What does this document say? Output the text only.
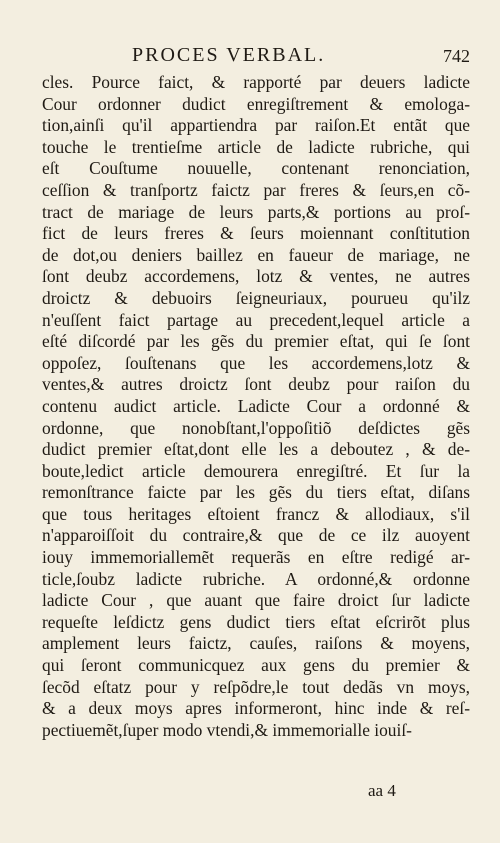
PROCES VERBAL.	742
cles. Pource faict, & rapporté par deuers ladicte
Cour ordonner dudict enregiſtrement & emologa-
tion,ainſi qu'il appartiendra par raiſon.Et entãt que
touche le trentieſme article de ladicte rubriche, qui
eſt Couſtume nouuelle, contenant renonciation,
ceſſion & tranſportz faictz par freres & ſeurs,en cõ-
tract de mariage de leurs parts,& portions au proſ-
fict de leurs freres & ſeurs moiennant conſtitution
de dot,ou deniers baillez en faueur de mariage, ne
ſont deubz accordemens, lotz & ventes, ne autres
droictz & debuoirs ſeigneuriaux, pourueu qu'ilz
n'euſſent faict partage au precedent,lequel article a
eſté diſcordé par les gẽs du premier eſtat, qui ſe ſont
oppoſez, ſouſtenans que les accordemens,lotz &
ventes,& autres droictz ſont deubz pour raiſon du
contenu audict article. Ladicte Cour a ordonné &
ordonne, que nonobſtant,l'oppoſitiõ deſdictes gẽs
dudict premier eſtat,dont elle les a deboutez , & de-
boute,ledict article demourera enregiſtré. Et ſur la
remonſtrance faicte par les gẽs du tiers eſtat, diſans
que tous heritages eſtoient francz & allodiaux, s'il
n'apparoiſſoit du contraire,& que de ce ilz auoyent
iouy immemoriallemẽt requerãs en eſtre redigé ar-
ticle,ſoubz ladicte rubriche. A ordonné,& ordonne
ladicte Cour , que auant que faire droict ſur ladicte
requeſte leſdictz gens dudict tiers eſtat eſcrirõt plus
amplement leurs faictz, cauſes, raiſons & moyens,
qui ſeront communicquez aux gens du premier &
ſecõd eſtatz pour y reſpõdre,le tout dedãs vn moys,
& a deux moys apres informeront, hinc inde & reſ-
pectiuemẽt,ſuper modo vtendi,& immemorialle iouiſ-
aa 4
